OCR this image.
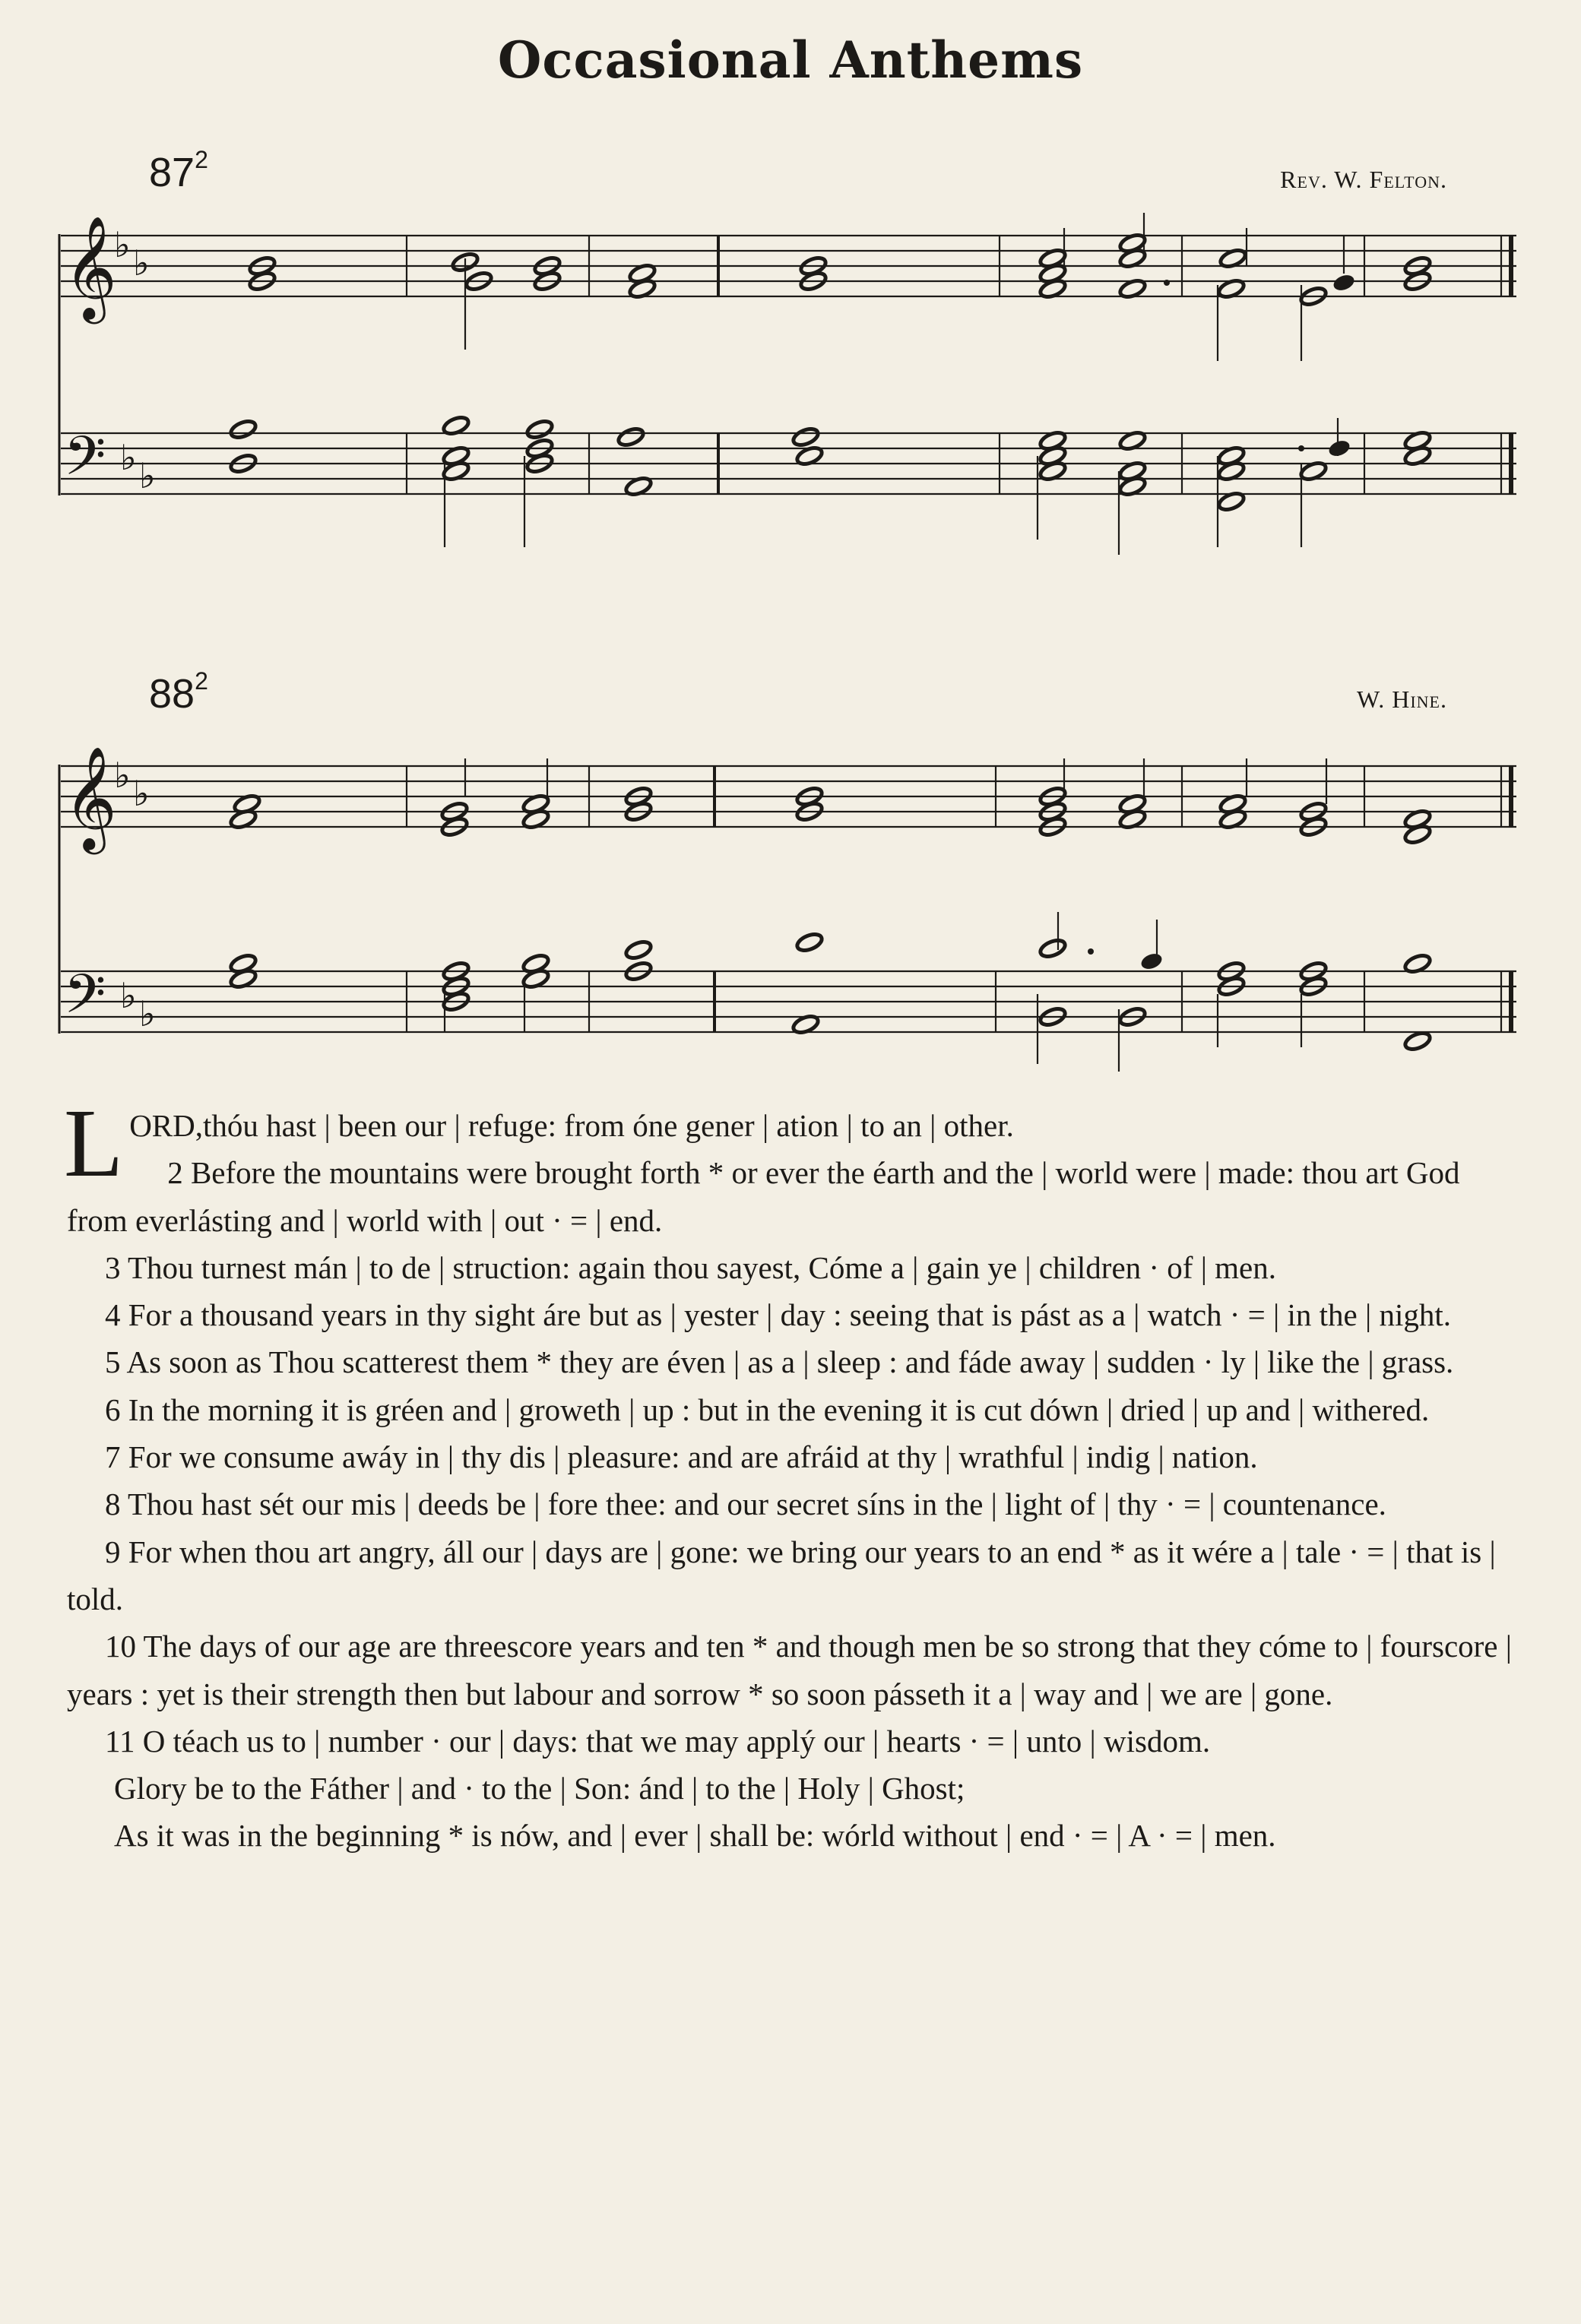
Occasional Anthems
$87^2$
Rev. W. Felton.
𝄞
𝄢
♭ ♭
♭ ♭
$88^2$
W. Hine.
𝄞
𝄢
♭ ♭
♭ ♭

LORD,thóu hast | been our | refuge: from óne gener | ation | to an | other.

2 Before the mountains were brought forth * or ever the éarth and the | world were | made: thou art God from everlásting and | world with | out · = | end.

3 Thou turnest mán | to de | struction: again thou sayest, Cóme a | gain ye | children · of | men.

4 For a thousand years in thy sight áre but as | yester | day : seeing that is pást as a | watch · = | in the | night.

5 As soon as Thou scatterest them * they are éven | as a | sleep : and fáde away | sudden · ly | like the | grass.

6 In the morning it is gréen and | groweth | up : but in the evening it is cut dówn | dried | up and | withered.

7 For we consume awáy in | thy dis | pleasure: and are afráid at thy | wrathful | indig | nation.

8 Thou hast sét our mis | deeds be | fore thee: and our secret síns in the | light of | thy · = | countenance.

9 For when thou art angry, áll our | days are | gone: we bring our years to an end * as it wére a | tale · = | that is | told.

10 The days of our age are threescore years and ten * and though men be so strong that they cóme to | fourscore | years : yet is their strength then but labour and sorrow * so soon pásseth it a | way and | we are | gone.

11 O téach us to | number · our | days: that we may applý our | hearts · = | unto | wisdom.

Glory be to the Fáther | and · to the | Son: ánd | to the | Holy | Ghost;

As it was in the beginning * is nów, and | ever | shall be: wórld without | end · = | A · = | men.
